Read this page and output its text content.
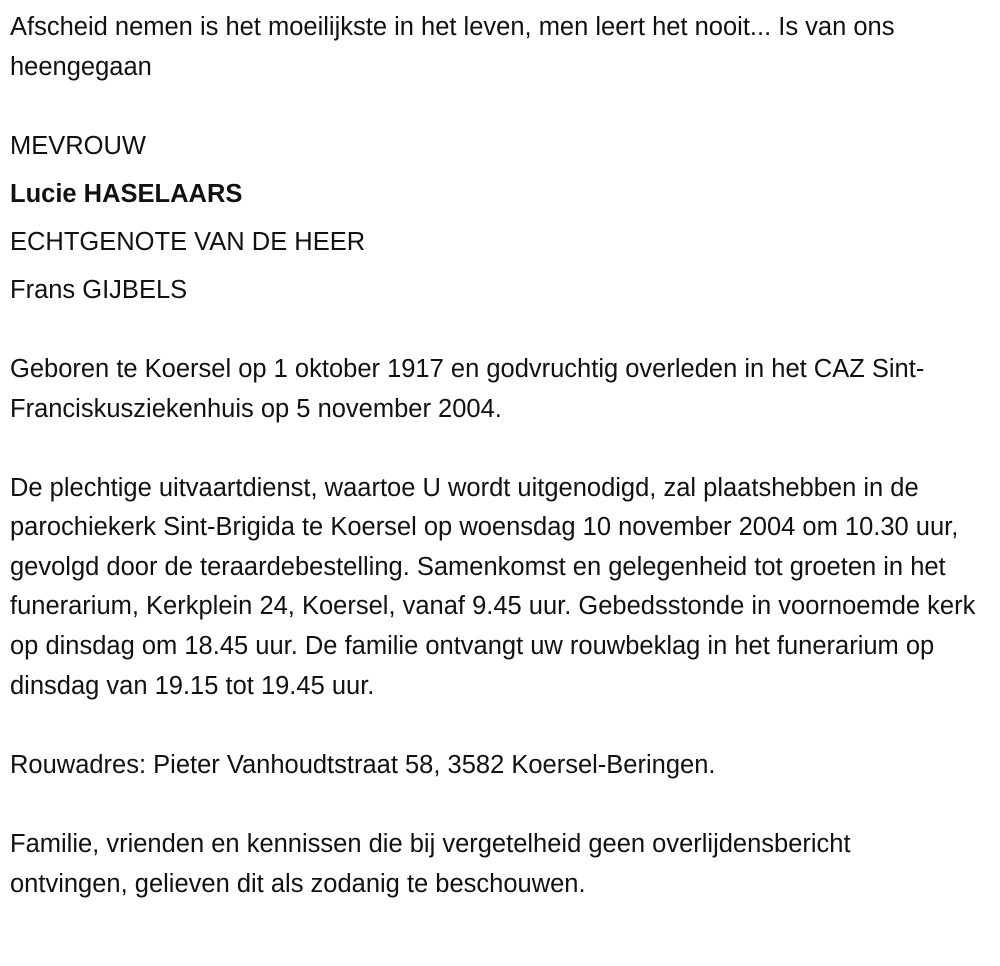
Afscheid nemen is het moeilijkste in het leven, men leert het nooit... Is van ons heengegaan

MEVROUW

Lucie HASELAARS

ECHTGENOTE VAN DE HEER

Frans GIJBELS

Geboren te Koersel op 1 oktober 1917 en godvruchtig overleden in het CAZ Sint-Franciskusziekenhuis op 5 november 2004.

De plechtige uitvaartdienst, waartoe U wordt uitgenodigd, zal plaatshebben in de parochiekerk Sint-Brigida te Koersel op woensdag 10 november 2004 om 10.30 uur, gevolgd door de teraardebestelling. Samenkomst en gelegenheid tot groeten in het funerarium, Kerkplein 24, Koersel, vanaf 9.45 uur. Gebedsstonde in voornoemde kerk op dinsdag om 18.45 uur. De familie ontvangt uw rouwbeklag in het funerarium op dinsdag van 19.15 tot 19.45 uur.

Rouwadres: Pieter Vanhoudtstraat 58, 3582 Koersel-Beringen.

Familie, vrienden en kennissen die bij vergetelheid geen overlijdensbericht ontvingen, gelieven dit als zodanig te beschouwen.
